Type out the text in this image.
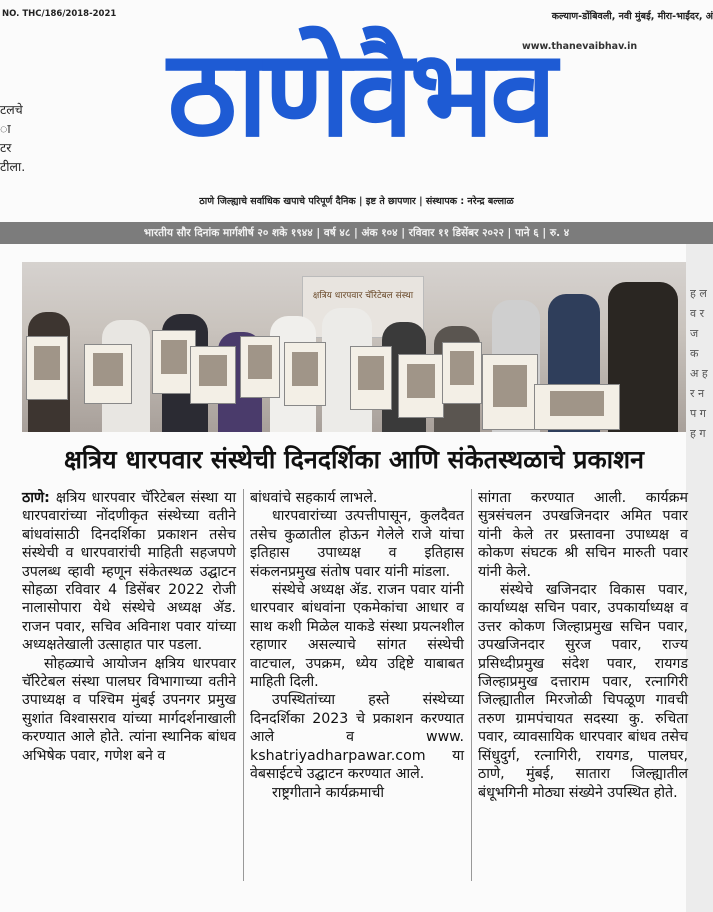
NO. THC/186/2018-2021	कल्याण-डोंबिवली, नवी मुंबई, मीरा-भाईंदर, अं
ठाणेवैभव
www.thanevaibhav.in
टलचे
ा
टर
टीला.
ठाणे जिल्ह्याचे सर्वाधिक खपाचे परिपूर्ण दैनिक | इष्ट ते छापणार | संस्थापक : नरेन्द्र बल्लाळ
भारतीय सौर दिनांक मार्गशीर्ष २० शके १९४४ | वर्ष ४८ | अंक १०४ | रविवार ११ डिसेंबर २०२२ | पाने ६ | रु. ४
ह ल व र ज क अ ह र न प ग ह ग
क्षत्रिय धारपवार चॅरिटेबल संस्था
क्षत्रिय धारपवार संस्थेची दिनदर्शिका आणि संकेतस्थळाचे प्रकाशन

ठाणे: क्षत्रिय धारपवार चॅरिटेबल संस्था या धारपवारांच्या नोंदणीकृत संस्थेच्या वतीने बांधवांसाठी दिनदर्शिका प्रकाशन तसेच संस्थेची व धारपवारांची माहिती सहजपणे उपलब्ध व्हावी म्हणून संकेतस्थळ उद्घाटन सोहळा रविवार 4 डिसेंबर 2022 रोजी नालासोपारा येथे संस्थेचे अध्यक्ष ॲड. राजन पवार, सचिव अविनाश पवार यांच्या अध्यक्षतेखाली उत्साहात पार पडला.

सोहळ्याचे आयोजन क्षत्रिय धारपवार चॅरिटेबल संस्था पालघर विभागाच्या वतीने उपाध्यक्ष व पश्चिम मुंबई उपनगर प्रमुख सुशांत विश्वासराव यांच्या मार्गदर्शनाखाली करण्यात आले होते. त्यांना स्थानिक बांधव अभिषेक पवार, गणेश बने व

बांधवांचे सहकार्य लाभले.

धारपवारांच्या उत्पत्तीपासून, कुलदैवत तसेच कुळातील होऊन गेलेले राजे यांचा इतिहास उपाध्यक्ष व इतिहास संकलनप्रमुख संतोष पवार यांनी मांडला.

संस्थेचे अध्यक्ष ॲड. राजन पवार यांनी धारपवार बांधवांना एकमेकांचा आधार व साथ कशी मिळेल याकडे संस्था प्रयत्नशील रहाणार असल्याचे सांगत संस्थेची वाटचाल, उपक्रम, ध्येय उद्दिष्टे याबाबत माहिती दिली.

उपस्थितांच्या हस्ते संस्थेच्या दिनदर्शिका 2023 चे प्रकाशन करण्यात आले व www. kshatriyadharpawar.com या वेबसाईटचे उद्घाटन करण्यात आले.

राष्ट्रगीताने कार्यक्रमाची

सांगता करण्यात आली. कार्यक्रम सुत्रसंचलन उपखजिनदार अमित पवार यांनी केले तर प्रस्तावना उपाध्यक्ष व कोकण संघटक श्री सचिन मारुती पवार यांनी केले.

संस्थेचे खजिनदार विकास पवार, कार्याध्यक्ष सचिन पवार, उपकार्याध्यक्ष व उत्तर कोकण जिल्हाप्रमुख सचिन पवार, उपखजिनदार सुरज पवार, राज्य प्रसिध्दीप्रमुख संदेश पवार, रायगड जिल्हाप्रमुख दत्ताराम पवार, रत्नागिरी जिल्ह्यातील मिरजोळी चिपळूण गावची तरुण ग्रामपंचायत सदस्या कु. रुचिता पवार, व्यावसायिक धारपवार बांधव तसेच सिंधुदुर्ग, रत्नागिरी, रायगड, पालघर, ठाणे, मुंबई, सातारा जिल्ह्यातील बंधूभगिनी मोठ्या संख्येने उपस्थित होते.
